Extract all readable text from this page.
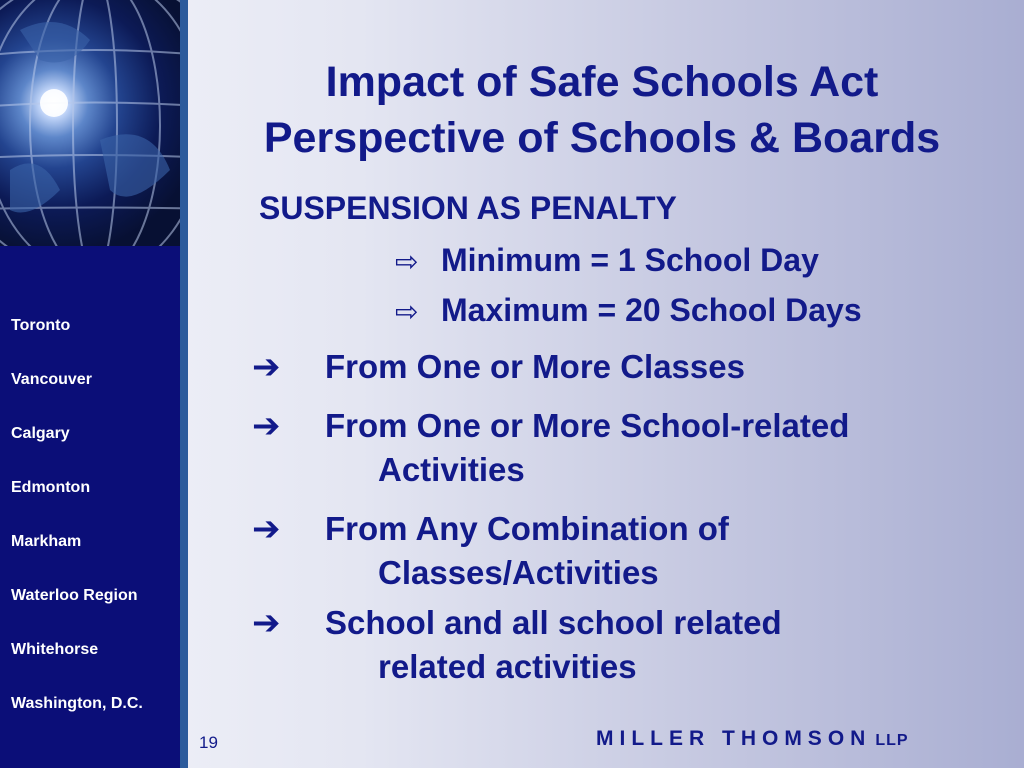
Toronto
Vancouver
Calgary
Edmonton
Markham
Waterloo Region
Whitehorse
Washington, D.C.
Impact of Safe Schools Act
Perspective of Schools & Boards
SUSPENSION AS PENALTY
⇨ Minimum = 1 School Day
⇨ Maximum = 20 School Days
➔ From One or More Classes
➔ From One or More School-related
Activities
➔ From Any Combination of
Classes/Activities
➔ School and all school related
related activities
19	MILLER THOMSON LLP
